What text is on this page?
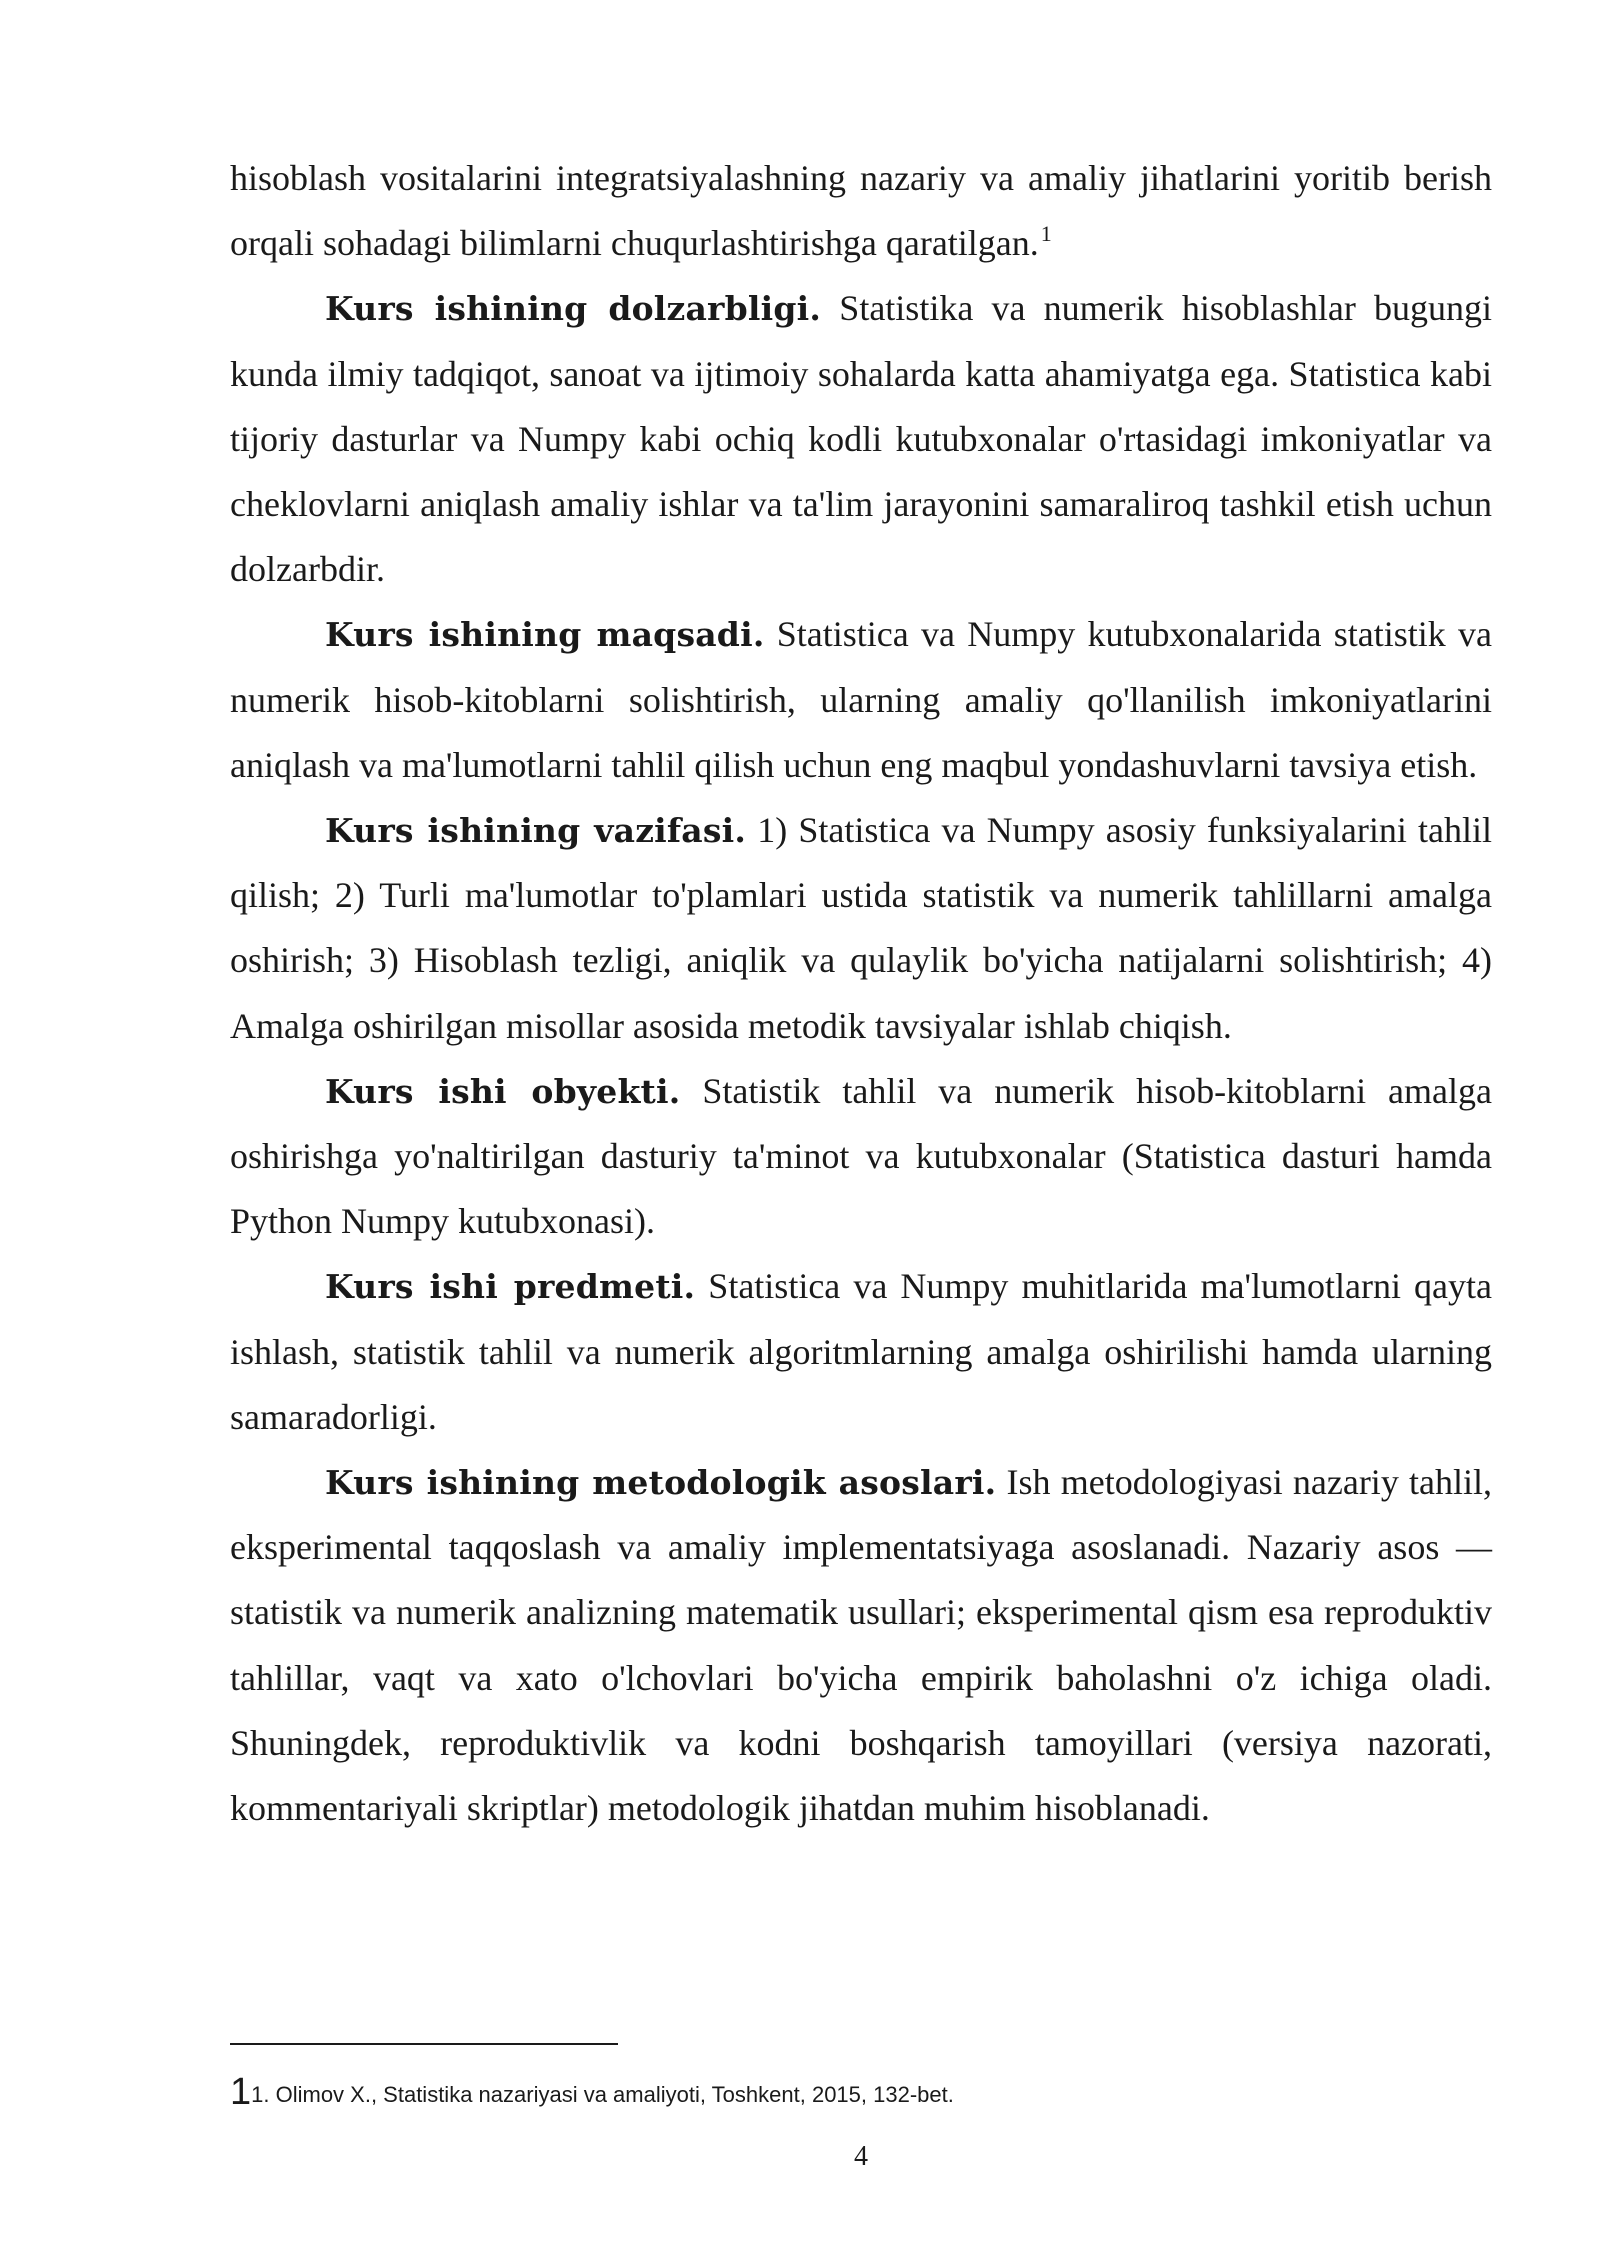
hisoblash vositalarini integratsiyalashning nazariy va amaliy jihatlarini yoritib berish orqali sohadagi bilimlarni chuqurlashtirishga qaratilgan.$^1$

Kurs ishining dolzarbligi. Statistika va numerik hisoblashlar bugungi kunda ilmiy tadqiqot, sanoat va ijtimoiy sohalarda katta ahamiyatga ega. Statistica kabi tijoriy dasturlar va Numpy kabi ochiq kodli kutubxonalar o'rtasidagi imkoniyatlar va cheklovlarni aniqlash amaliy ishlar va ta'lim jarayonini samaraliroq tashkil etish uchun dolzarbdir.

Kurs ishining maqsadi. Statistica va Numpy kutubxonalarida statistik va numerik hisob-kitoblarni solishtirish, ularning amaliy qo'llanilish imkoniyatlarini aniqlash va ma'lumotlarni tahlil qilish uchun eng maqbul yondashuvlarni tavsiya etish.

Kurs ishining vazifasi. 1) Statistica va Numpy asosiy funksiyalarini tahlil qilish; 2) Turli ma'lumotlar to'plamlari ustida statistik va numerik tahlillarni amalga oshirish; 3) Hisoblash tezligi, aniqlik va qulaylik bo'yicha natijalarni solishtirish; 4) Amalga oshirilgan misollar asosida metodik tavsiyalar ishlab chiqish.

Kurs ishi obyekti. Statistik tahlil va numerik hisob-kitoblarni amalga oshirishga yo'naltirilgan dasturiy ta'minot va kutubxonalar (Statistica dasturi hamda Python Numpy kutubxonasi).

Kurs ishi predmeti. Statistica va Numpy muhitlarida ma'lumotlarni qayta ishlash, statistik tahlil va numerik algoritmlarning amalga oshirilishi hamda ularning samaradorligi.

Kurs ishining metodologik asoslari. Ish metodologiyasi nazariy tahlil, eksperimental taqqoslash va amaliy implementatsiyaga asoslanadi. Nazariy asos — statistik va numerik analizning matematik usullari; eksperimental qism esa reproduktiv tahlillar, vaqt va xato o'lchovlari bo'yicha empirik baholashni o'z ichiga oladi. Shuningdek, reproduktivlik va kodni boshqarish tamoyillari (versiya nazorati, kommentariyali skriptlar) metodologik jihatdan muhim hisoblanadi.

11. Olimov X., Statistika nazariyasi va amaliyoti, Toshkent, 2015, 132-bet.
4
